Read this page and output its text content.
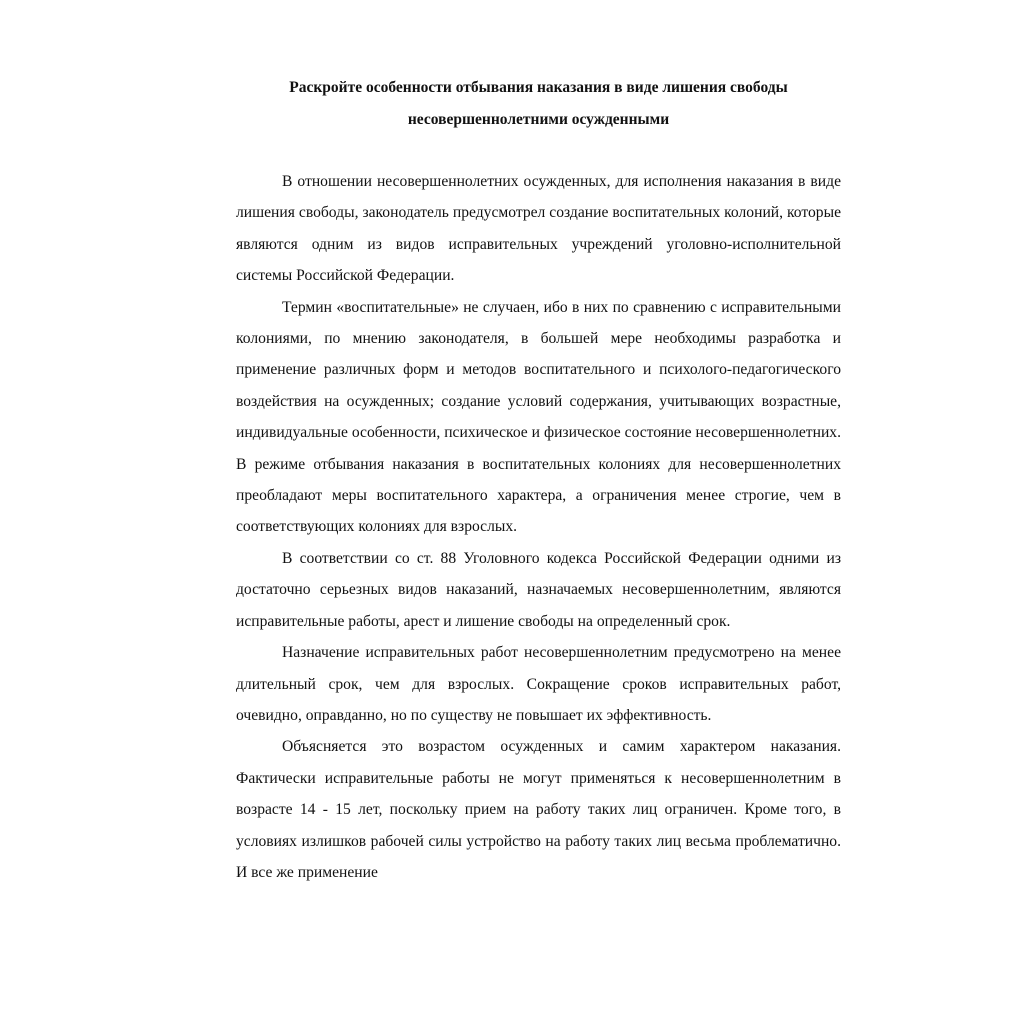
Раскройте особенности отбывания наказания в виде лишения свободы
несовершеннолетними осужденными

В отношении несовершеннолетних осужденных, для исполнения наказания в виде лишения свободы, законодатель предусмотрел создание воспитательных колоний, которые являются одним из видов исправительных учреждений уголовно-исполнительной системы Российской Федерации.

Термин «воспитательные» не случаен, ибо в них по сравнению с исправительными колониями, по мнению законодателя, в большей мере необходимы разработка и применение различных форм и методов воспитательного и психолого-педагогического воздействия на осужденных; создание условий содержания, учитывающих возрастные, индивидуальные особенности, психическое и физическое состояние несовершеннолетних. В режиме отбывания наказания в воспитательных колониях для несовершеннолетних преобладают меры воспитательного характера, а ограничения менее строгие, чем в соответствующих колониях для взрослых.

В соответствии со ст. 88 Уголовного кодекса Российской Федерации одними из достаточно серьезных видов наказаний, назначаемых несовершеннолетним, являются исправительные работы, арест и лишение свободы на определенный срок.

Назначение исправительных работ несовершеннолетним предусмотрено на менее длительный срок, чем для взрослых. Сокращение сроков исправительных работ, очевидно, оправданно, но по существу не повышает их эффективность.

Объясняется это возрастом осужденных и самим характером наказания. Фактически исправительные работы не могут применяться к несовершеннолетним в возрасте 14 - 15 лет, поскольку прием на работу таких лиц ограничен. Кроме того, в условиях излишков рабочей силы устройство на работу таких лиц весьма проблематично. И все же применение
